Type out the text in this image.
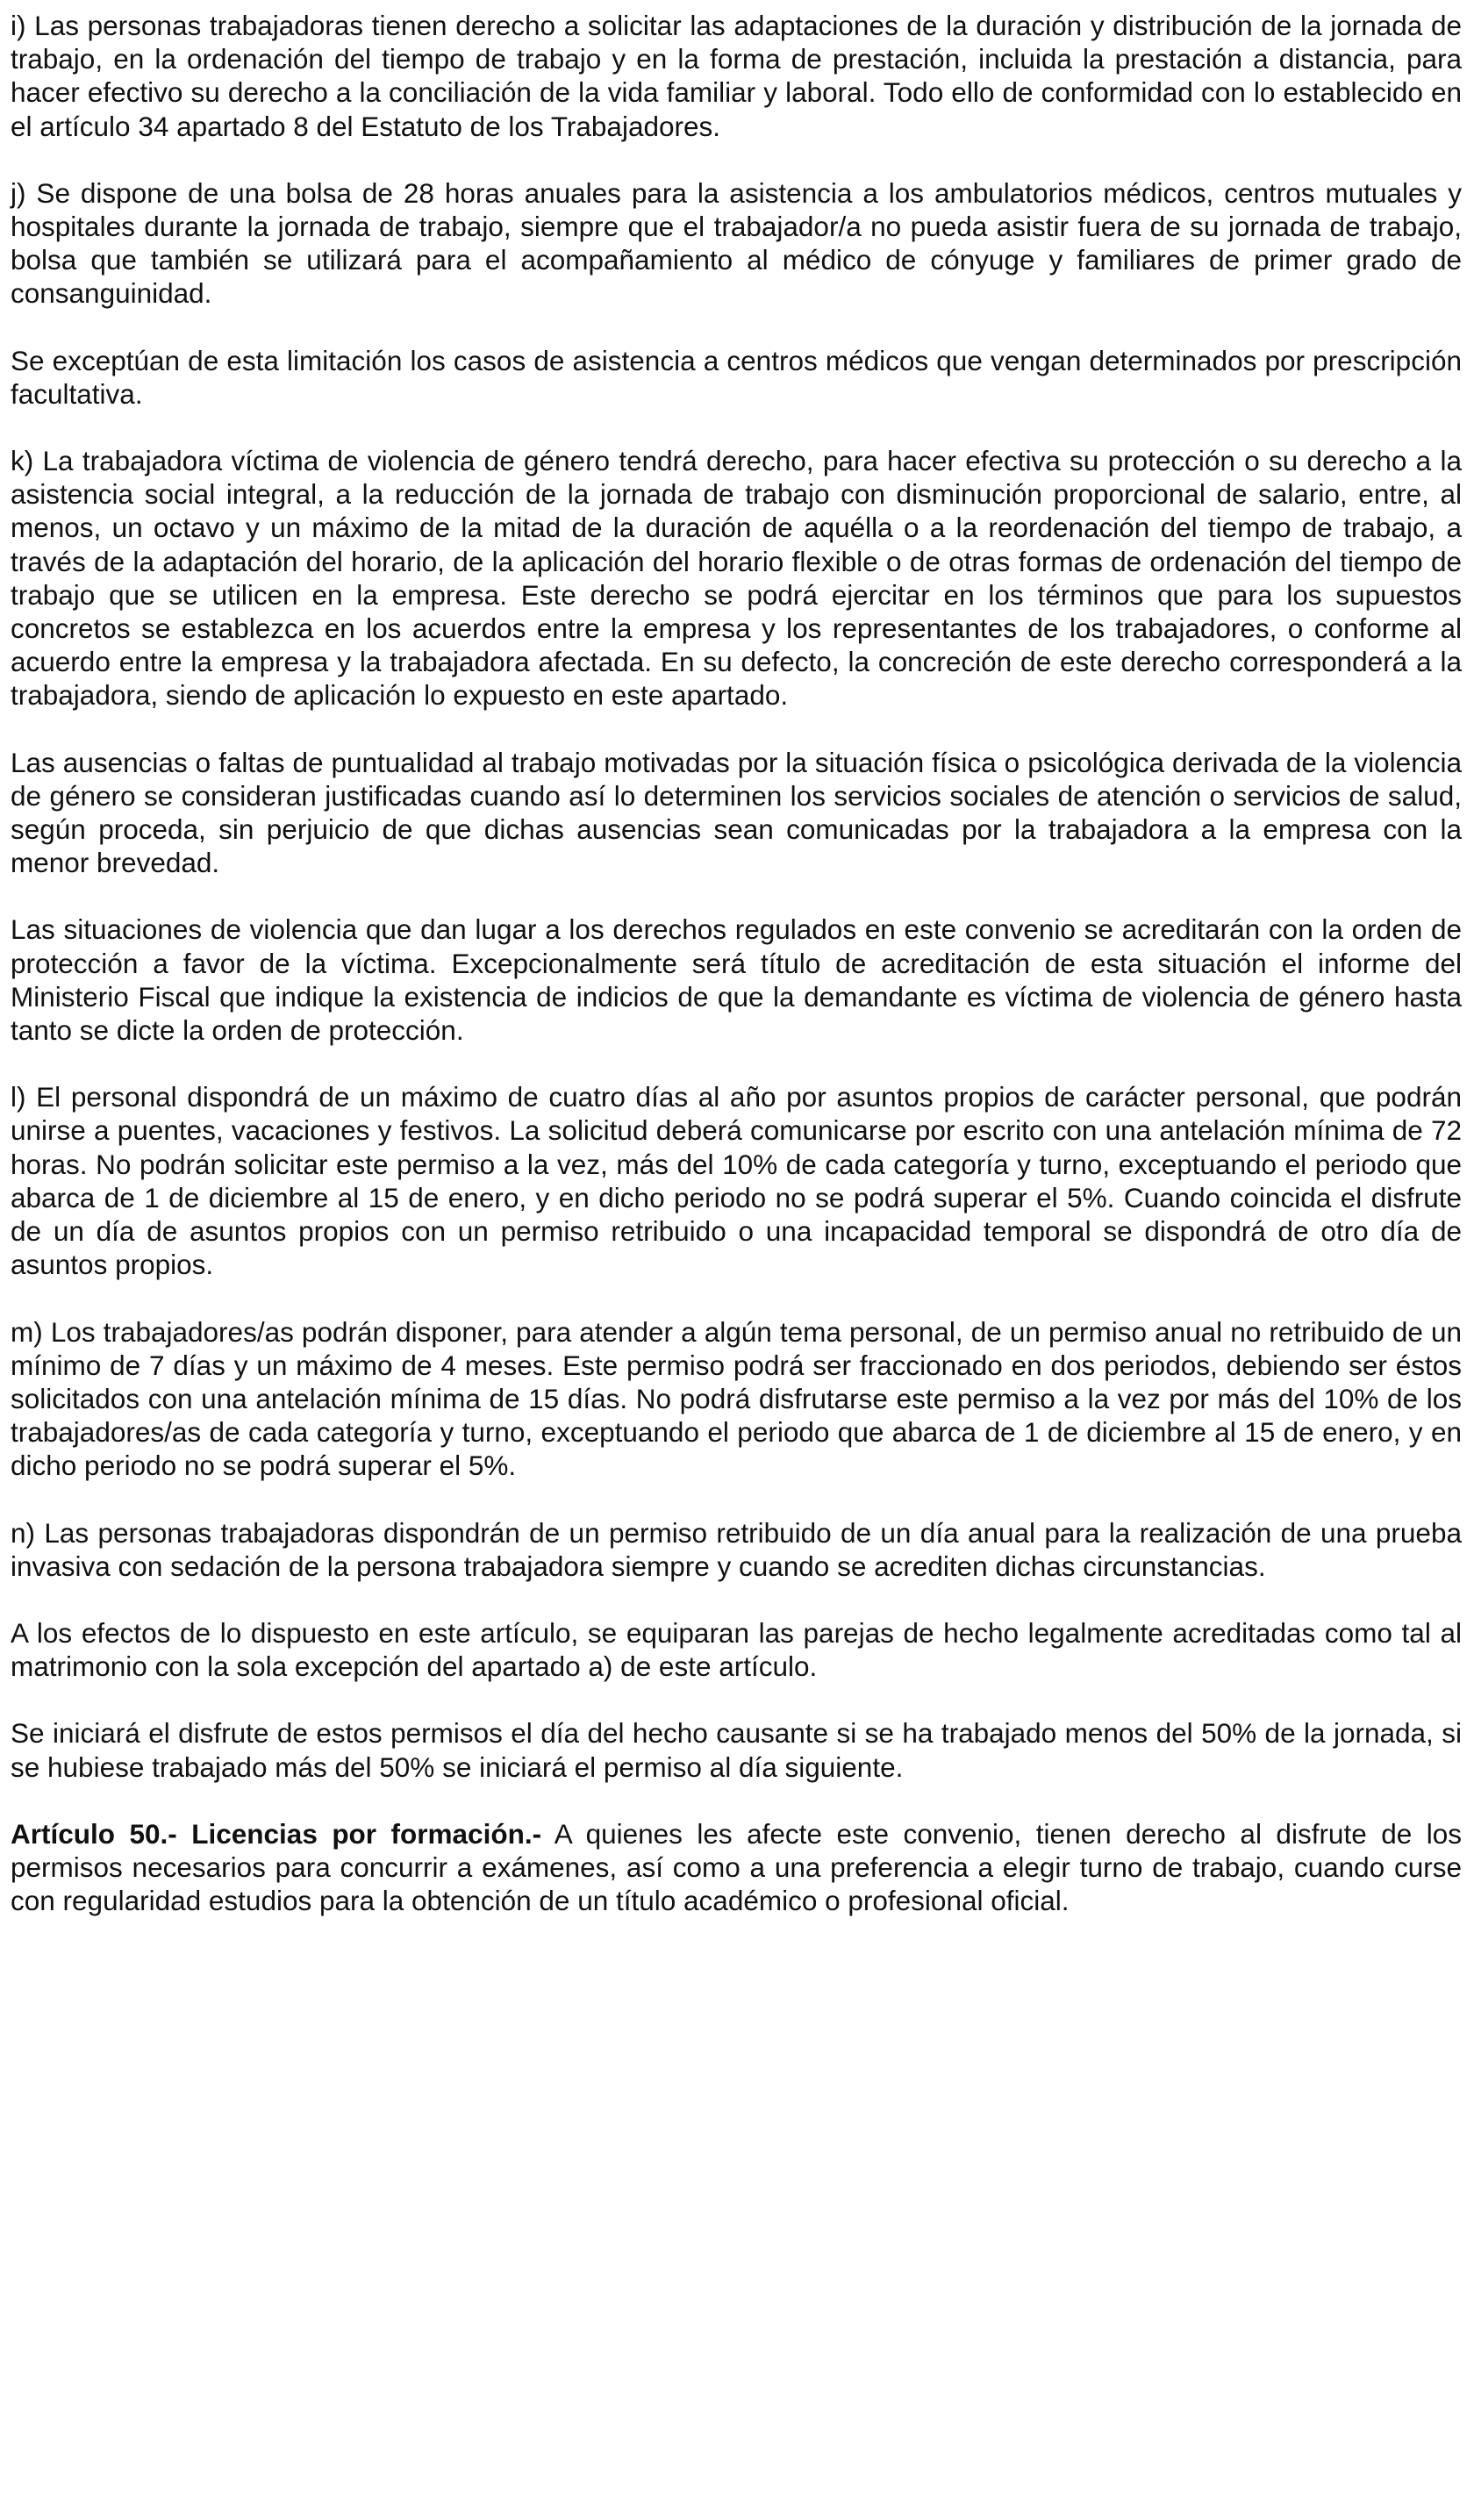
i) Las personas trabajadoras tienen derecho a solicitar las adaptaciones de la duración y distribución de la jornada de trabajo, en la ordenación del tiempo de trabajo y en la forma de prestación, incluida la prestación a distancia, para hacer efectivo su derecho a la conciliación de la vida familiar y laboral. Todo ello de conformidad con lo establecido en el artículo 34 apartado 8 del Estatuto de los Trabajadores.

j) Se dispone de una bolsa de 28 horas anuales para la asistencia a los ambulatorios médicos, centros mutuales y hospitales durante la jornada de trabajo, siempre que el trabajador/a no pueda asistir fuera de su jornada de trabajo, bolsa que también se utilizará para el acompañamiento al médico de cónyuge y familiares de primer grado de consanguinidad.

Se exceptúan de esta limitación los casos de asistencia a centros médicos que vengan determinados por prescripción facultativa.

k) La trabajadora víctima de violencia de género tendrá derecho, para hacer efectiva su protección o su derecho a la asistencia social integral, a la reducción de la jornada de trabajo con disminución proporcional de salario, entre, al menos, un octavo y un máximo de la mitad de la duración de aquélla o a la reordenación del tiempo de trabajo, a través de la adaptación del horario, de la aplicación del horario flexible o de otras formas de ordenación del tiempo de trabajo que se utilicen en la empresa. Este derecho se podrá ejercitar en los términos que para los supuestos concretos se establezca en los acuerdos entre la empresa y los representantes de los trabajadores, o conforme al acuerdo entre la empresa y la trabajadora afectada. En su defecto, la concreción de este derecho corresponderá a la trabajadora, siendo de aplicación lo expuesto en este apartado.

Las ausencias o faltas de puntualidad al trabajo motivadas por la situación física o psicológica derivada de la violencia de género se consideran justificadas cuando así lo determinen los servicios sociales de atención o servicios de salud, según proceda, sin perjuicio de que dichas ausencias sean comunicadas por la trabajadora a la empresa con la menor brevedad.

Las situaciones de violencia que dan lugar a los derechos regulados en este convenio se acreditarán con la orden de protección a favor de la víctima. Excepcionalmente será título de acreditación de esta situación el informe del Ministerio Fiscal que indique la existencia de indicios de que la demandante es víctima de violencia de género hasta tanto se dicte la orden de protección.

l) El personal dispondrá de un máximo de cuatro días al año por asuntos propios de carácter personal, que podrán unirse a puentes, vacaciones y festivos. La solicitud deberá comunicarse por escrito con una antelación mínima de 72 horas. No podrán solicitar este permiso a la vez, más del 10% de cada categoría y turno, exceptuando el periodo que abarca de 1 de diciembre al 15 de enero, y en dicho periodo no se podrá superar el 5%. Cuando coincida el disfrute de un día de asuntos propios con un permiso retribuido o una incapacidad temporal se dispondrá de otro día de asuntos propios.

m) Los trabajadores/as podrán disponer, para atender a algún tema personal, de un permiso anual no retribuido de un mínimo de 7 días y un máximo de 4 meses. Este permiso podrá ser fraccionado en dos periodos, debiendo ser éstos solicitados con una antelación mínima de 15 días. No podrá disfrutarse este permiso a la vez por más del 10% de los trabajadores/as de cada categoría y turno, exceptuando el periodo que abarca de 1 de diciembre al 15 de enero, y en dicho periodo no se podrá superar el 5%.

n) Las personas trabajadoras dispondrán de un permiso retribuido de un día anual para la realización de una prueba invasiva con sedación de la persona trabajadora siempre y cuando se acrediten dichas circunstancias.

A los efectos de lo dispuesto en este artículo, se equiparan las parejas de hecho legalmente acreditadas como tal al matrimonio con la sola excepción del apartado a) de este artículo.

Se iniciará el disfrute de estos permisos el día del hecho causante si se ha trabajado menos del 50% de la jornada, si se hubiese trabajado más del 50% se iniciará el permiso al día siguiente.

Artículo 50.- Licencias por formación.- A quienes les afecte este convenio, tienen derecho al disfrute de los permisos necesarios para concurrir a exámenes, así como a una preferencia a elegir turno de trabajo, cuando curse con regularidad estudios para la obtención de un título académico o profesional oficial.
